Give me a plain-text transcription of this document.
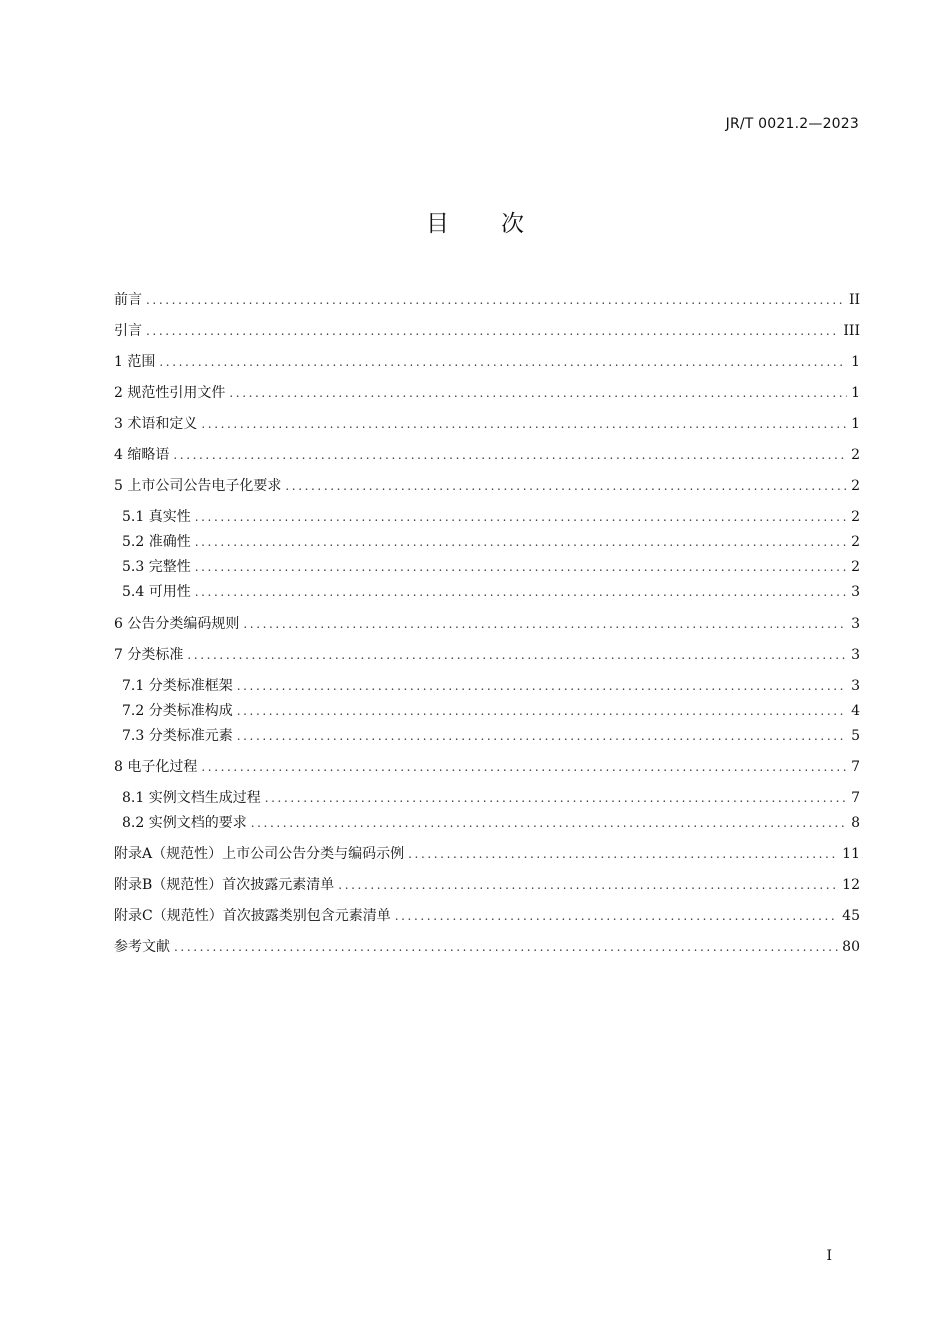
JR/T 0021.2—2023
目次
前言 .....	II
引言 .....	III
1 范围 .....	1
2 规范性引用文件 .....	1
3 术语和定义 .....	1
4 缩略语 .....	2
5 上市公司公告电子化要求 .....	2
5.1 真实性 .....	2
5.2 准确性 .....	2
5.3 完整性 .....	2
5.4 可用性 .....	3
6 公告分类编码规则 .....	3
7 分类标准 .....	3
7.1 分类标准框架 .....	3
7.2 分类标准构成 .....	4
7.3 分类标准元素 .....	5
8 电子化过程 .....	7
8.1 实例文档生成过程 .....	7
8.2 实例文档的要求 .....	8
附录A（规范性）上市公司公告分类与编码示例 .....	11
附录B（规范性）首次披露元素清单 .....	12
附录C（规范性）首次披露类别包含元素清单 .....	45
参考文献 .....	80
I
